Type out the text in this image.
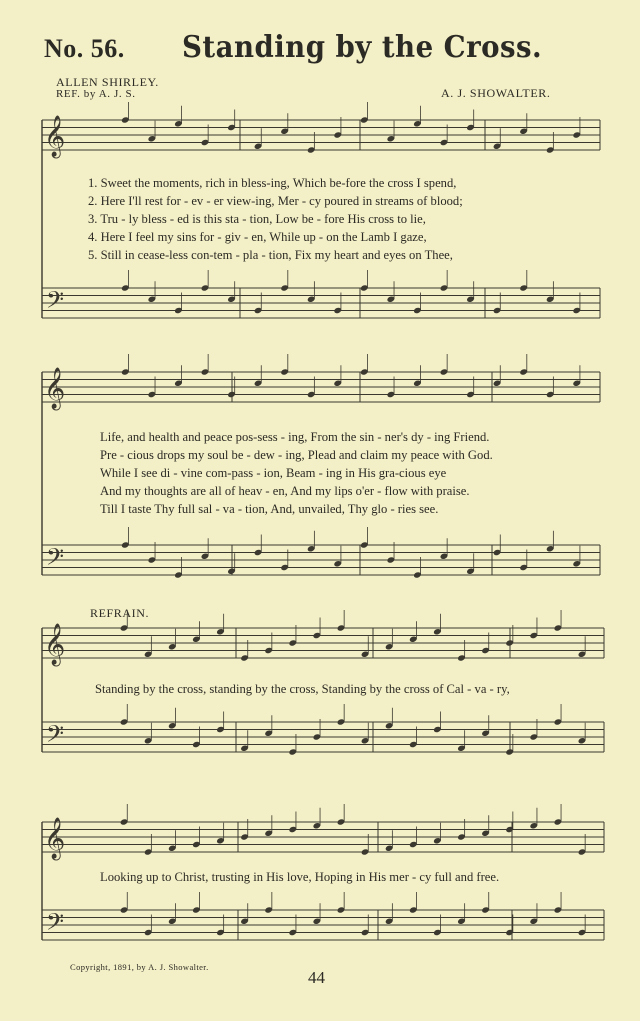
No. 56. Standing by the Cross.
ALLEN SHIRLEY.
REF. by A. J. S.	A. J. SHOWALTER.
1. Sweet the moments, rich in bless-ing, Which be-fore the cross I spend,
2. Here I'll rest for - ev - er view-ing, Mer - cy poured in streams of blood;
3. Tru - ly bless - ed is this sta - tion, Low be - fore His cross to lie,
4. Here I feel my sins for - giv - en, While up - on the Lamb I gaze,
5. Still in cease-less con-tem - pla - tion, Fix my heart and eyes on Thee,
Life, and health and peace pos-sess - ing, From the sin - ner's dy - ing Friend.
Pre - cious drops my soul be - dew - ing, Plead and claim my peace with God.
While I see di - vine com-pass - ion, Beam - ing in His gra-cious eye
And my thoughts are all of heav - en, And my lips o'er - flow with praise.
Till I taste Thy full sal - va - tion, And, unvailed, Thy glo - ries see.
REFRAIN.
Standing by the cross, standing by the cross, Standing by the cross of Cal - va - ry,
Looking up to Christ, trusting in His love, Hoping in His mer - cy full and free.
𝄞
𝄢
𝄞
𝄢
𝄞
𝄢
𝄞
𝄢
Copyright, 1891, by A. J. Showalter.
44
